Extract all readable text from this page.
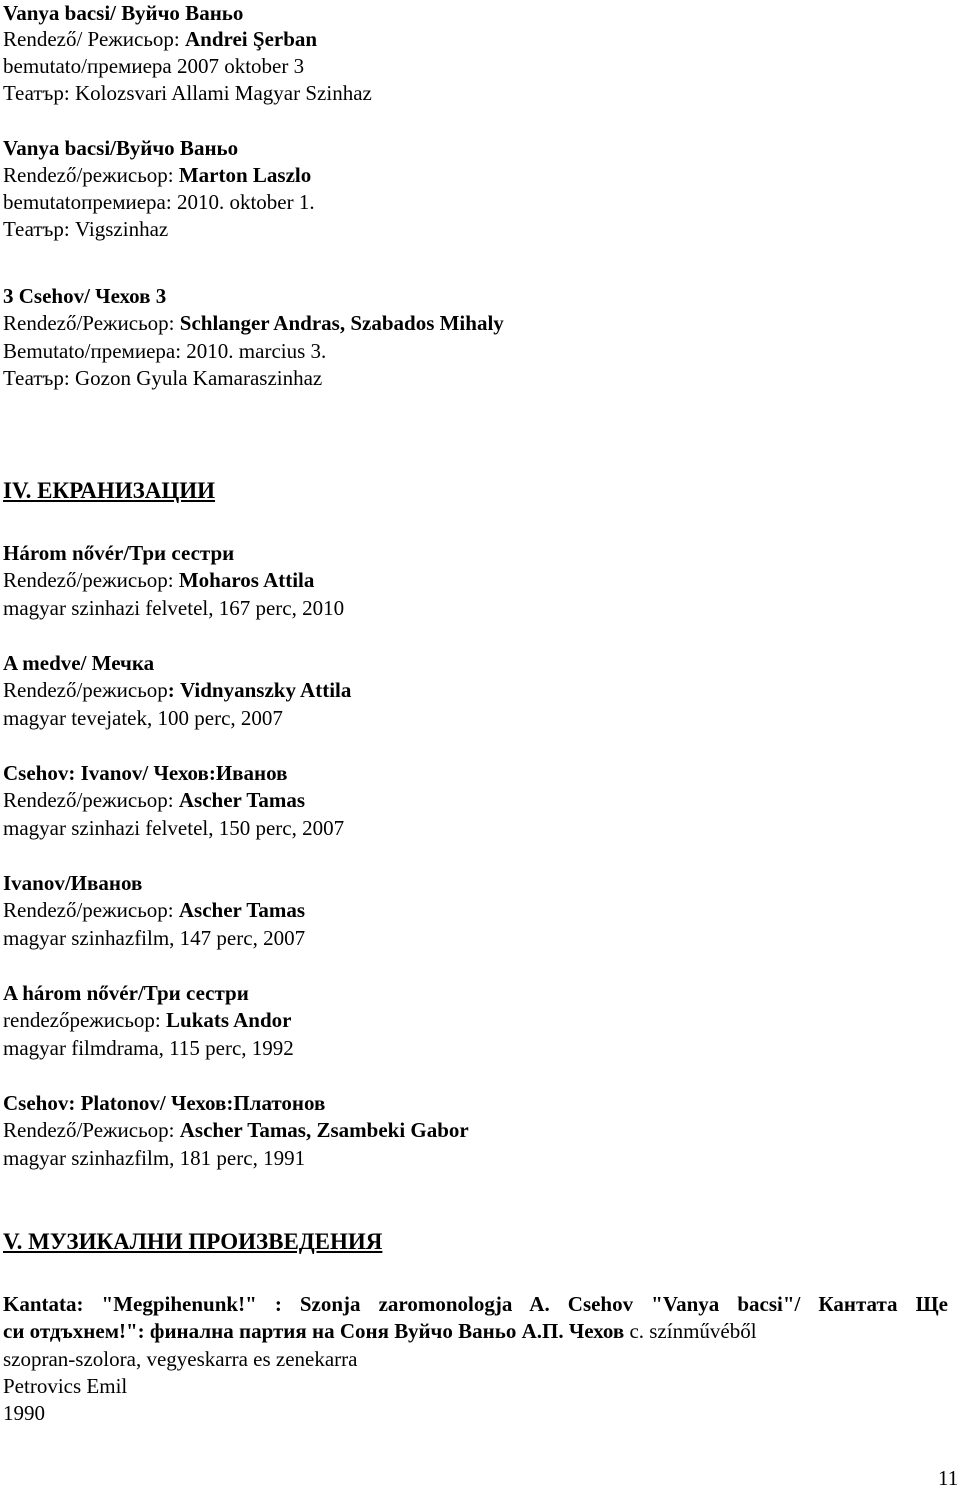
Vanya bacsi/ Вуйчо Ваньо
Rendező/ Режисьор: Andrei Şerban
bemutato/премиера 2007 oktober 3
Театър: Kolozsvari Allami Magyar Szinhaz
Vanya bacsi/Вуйчо Ваньо
Rendező/режисьор: Marton Laszlo
bemutatoпремиера: 2010. oktober 1.
Театър: Vigszinhaz
3 Csehov/ Чехов 3
Rendező/Режисьор: Schlanger Andras, Szabados Mihaly
Bemutato/премиера: 2010. marcius 3.
Театър: Gozon Gyula Kamaraszinhaz
IV. ЕКРАНИЗАЦИИ
Három nővér/Три сестри
Rendező/режисьор: Moharos Attila
magyar szinhazi felvetel, 167 perc, 2010
A medve/ Мечка
Rendező/режисьор: Vidnyanszky Attila
magyar tevejatek, 100 perc, 2007
Csehov: Ivanov/ Чехов:Иванов
Rendező/режисьор: Ascher Tamas
magyar szinhazi felvetel, 150 perc, 2007
Ivanov/Иванов
Rendező/режисьор: Ascher Tamas
magyar szinhazfilm, 147 perc, 2007
A három nővér/Три сестри
rendezőрежисьор: Lukats Andor
magyar filmdrama, 115 perc, 1992
Csehov: Platonov/ Чехов:Платонов
Rendező/Режисьор: Ascher Tamas, Zsambeki Gabor
magyar szinhazfilm, 181 perc, 1991
V. МУЗИКАЛНИ ПРОИЗВЕДЕНИЯ
Kantata: "Megpihenunk!" : Szonja zaromonologja A. Csehov "Vanya bacsi"/ Кантата Ще
си отдъхнем!": финална партия на Соня Вуйчо Ваньо А.П. Чехов с. színművéből
szopran-szolora, vegyeskarra es zenekarra
Petrovics Emil
1990
11
